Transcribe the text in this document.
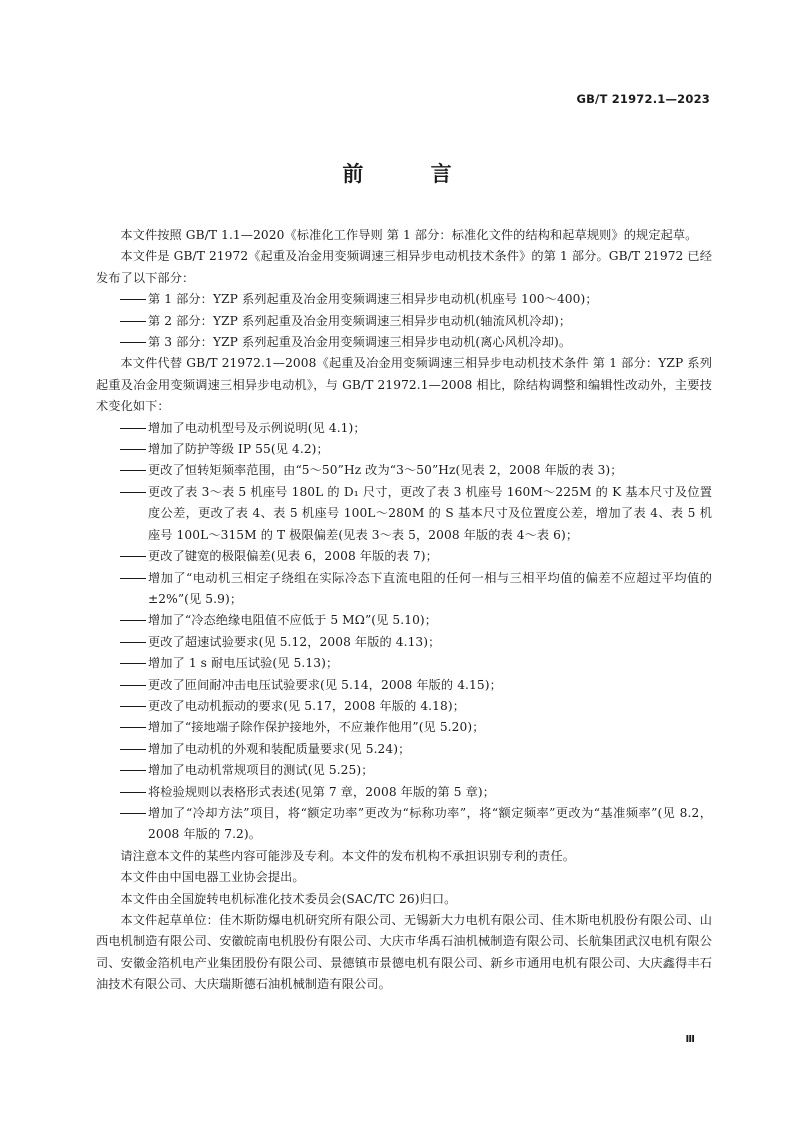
GB/T 21972.1—2023
前 言

本文件按照 GB/T 1.1—2020《标准化工作导则 第 1 部分：标准化文件的结构和起草规则》的规定起草。

本文件是 GB/T 21972《起重及冶金用变频调速三相异步电动机技术条件》的第 1 部分。GB/T 21972 已经发布了以下部分：

第 1 部分：YZP 系列起重及冶金用变频调速三相异步电动机(机座号 100～400)；

第 2 部分：YZP 系列起重及冶金用变频调速三相异步电动机(轴流风机冷却)；

第 3 部分：YZP 系列起重及冶金用变频调速三相异步电动机(离心风机冷却)。

本文件代替 GB/T 21972.1—2008《起重及冶金用变频调速三相异步电动机技术条件 第 1 部分：YZP 系列起重及冶金用变频调速三相异步电动机》，与 GB/T 21972.1—2008 相比，除结构调整和编辑性改动外，主要技术变化如下：

增加了电动机型号及示例说明(见 4.1)；

增加了防护等级 IP 55(见 4.2)；

更改了恒转矩频率范围，由“5～50”Hz 改为“3～50”Hz(见表 2，2008 年版的表 3)；

更改了表 3～表 5 机座号 180L 的 D₁ 尺寸，更改了表 3 机座号 160M～225M 的 K 基本尺寸及位置度公差，更改了表 4、表 5 机座号 100L～280M 的 S 基本尺寸及位置度公差，增加了表 4、表 5 机座号 100L～315M 的 T 极限偏差(见表 3～表 5，2008 年版的表 4～表 6)；

更改了键宽的极限偏差(见表 6，2008 年版的表 7)；

增加了“电动机三相定子绕组在实际冷态下直流电阻的任何一相与三相平均值的偏差不应超过平均值的±2%”(见 5.9)；

增加了“冷态绝缘电阻值不应低于 5 MΩ”(见 5.10)；

更改了超速试验要求(见 5.12，2008 年版的 4.13)；

增加了 1 s 耐电压试验(见 5.13)；

更改了匝间耐冲击电压试验要求(见 5.14，2008 年版的 4.15)；

更改了电动机振动的要求(见 5.17，2008 年版的 4.18)；

增加了“接地端子除作保护接地外，不应兼作他用”(见 5.20)；

增加了电动机的外观和装配质量要求(见 5.24)；

增加了电动机常规项目的测试(见 5.25)；

将检验规则以表格形式表述(见第 7 章，2008 年版的第 5 章)；

增加了“冷却方法”项目，将“额定功率”更改为“标称功率”，将“额定频率”更改为“基准频率”(见 8.2，2008 年版的 7.2)。

请注意本文件的某些内容可能涉及专利。本文件的发布机构不承担识别专利的责任。

本文件由中国电器工业协会提出。

本文件由全国旋转电机标准化技术委员会(SAC/TC 26)归口。

本文件起草单位：佳木斯防爆电机研究所有限公司、无锡新大力电机有限公司、佳木斯电机股份有限公司、山西电机制造有限公司、安徽皖南电机股份有限公司、大庆市华禹石油机械制造有限公司、长航集团武汉电机有限公司、安徽金箔机电产业集团股份有限公司、景德镇市景德电机有限公司、新乡市通用电机有限公司、大庆鑫得丰石油技术有限公司、大庆瑞斯德石油机械制造有限公司。

Ⅲ
